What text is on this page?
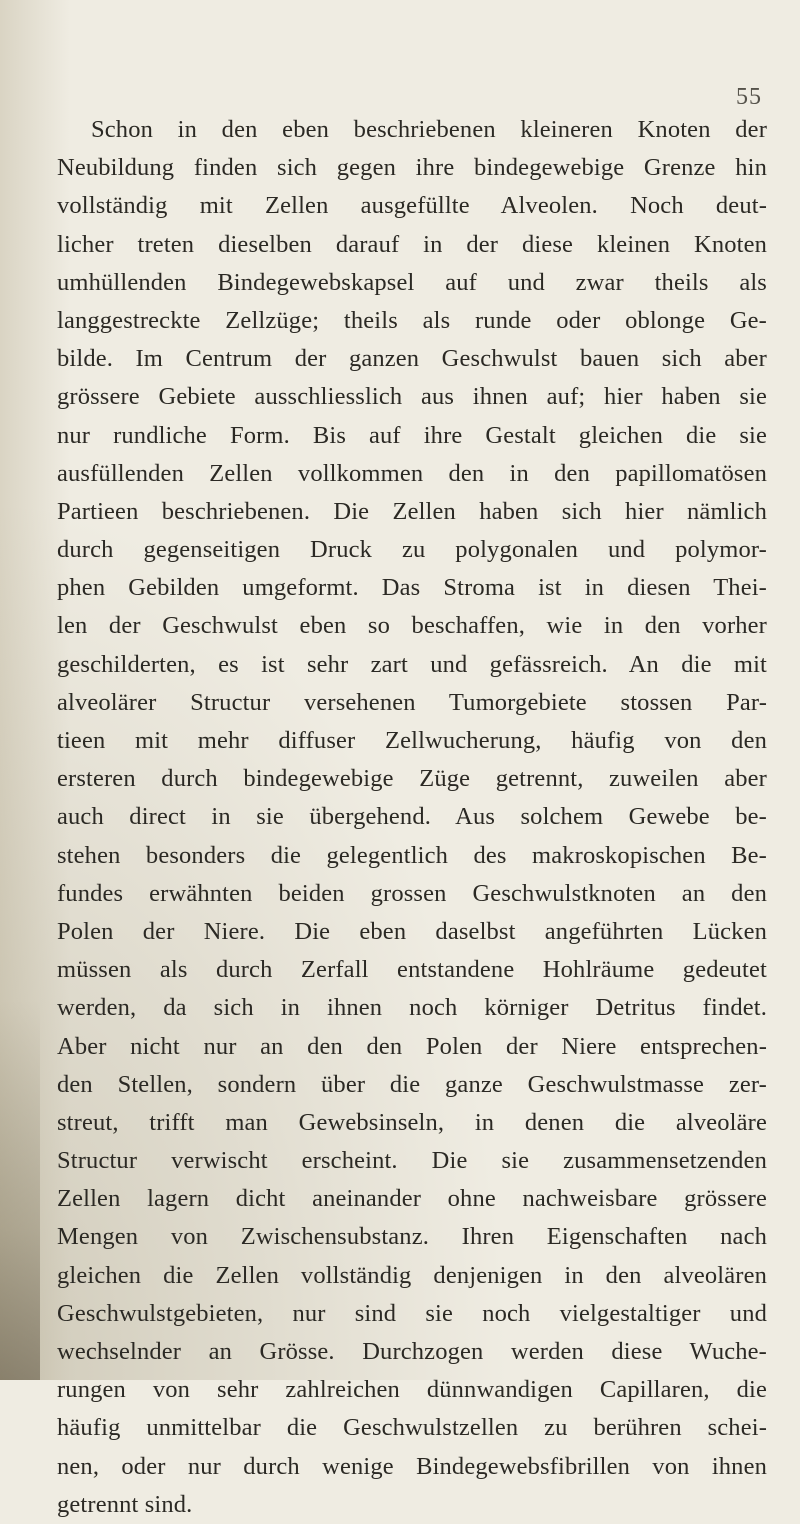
55
Schon in den eben beschriebenen kleineren Knoten der
Neubildung finden sich gegen ihre bindegewebige Grenze hin
vollständig mit Zellen ausgefüllte Alveolen. Noch deut-
licher treten dieselben darauf in der diese kleinen Knoten
umhüllenden Bindegewebskapsel auf und zwar theils als
langgestreckte Zellzüge; theils als runde oder oblonge Ge-
bilde. Im Centrum der ganzen Geschwulst bauen sich aber
grössere Gebiete ausschliesslich aus ihnen auf; hier haben sie
nur rundliche Form. Bis auf ihre Gestalt gleichen die sie
ausfüllenden Zellen vollkommen den in den papillomatösen
Partieen beschriebenen. Die Zellen haben sich hier nämlich
durch gegenseitigen Druck zu polygonalen und polymor-
phen Gebilden umgeformt. Das Stroma ist in diesen Thei-
len der Geschwulst eben so beschaffen, wie in den vorher
geschilderten, es ist sehr zart und gefässreich. An die mit
alveolärer Structur versehenen Tumorgebiete stossen Par-
tieen mit mehr diffuser Zellwucherung, häufig von den
ersteren durch bindegewebige Züge getrennt, zuweilen aber
auch direct in sie übergehend. Aus solchem Gewebe be-
stehen besonders die gelegentlich des makroskopischen Be-
fundes erwähnten beiden grossen Geschwulstknoten an den
Polen der Niere. Die eben daselbst angeführten Lücken
müssen als durch Zerfall entstandene Hohlräume gedeutet
werden, da sich in ihnen noch körniger Detritus findet.
Aber nicht nur an den den Polen der Niere entsprechen-
den Stellen, sondern über die ganze Geschwulstmasse zer-
streut, trifft man Gewebsinseln, in denen die alveoläre
Structur verwischt erscheint. Die sie zusammensetzenden
Zellen lagern dicht aneinander ohne nachweisbare grössere
Mengen von Zwischensubstanz. Ihren Eigenschaften nach
gleichen die Zellen vollständig denjenigen in den alveolären
Geschwulstgebieten, nur sind sie noch vielgestaltiger und
wechselnder an Grösse. Durchzogen werden diese Wuche-
rungen von sehr zahlreichen dünnwandigen Capillaren, die
häufig unmittelbar die Geschwulstzellen zu berühren schei-
nen, oder nur durch wenige Bindegewebsfibrillen von ihnen
getrennt sind.
